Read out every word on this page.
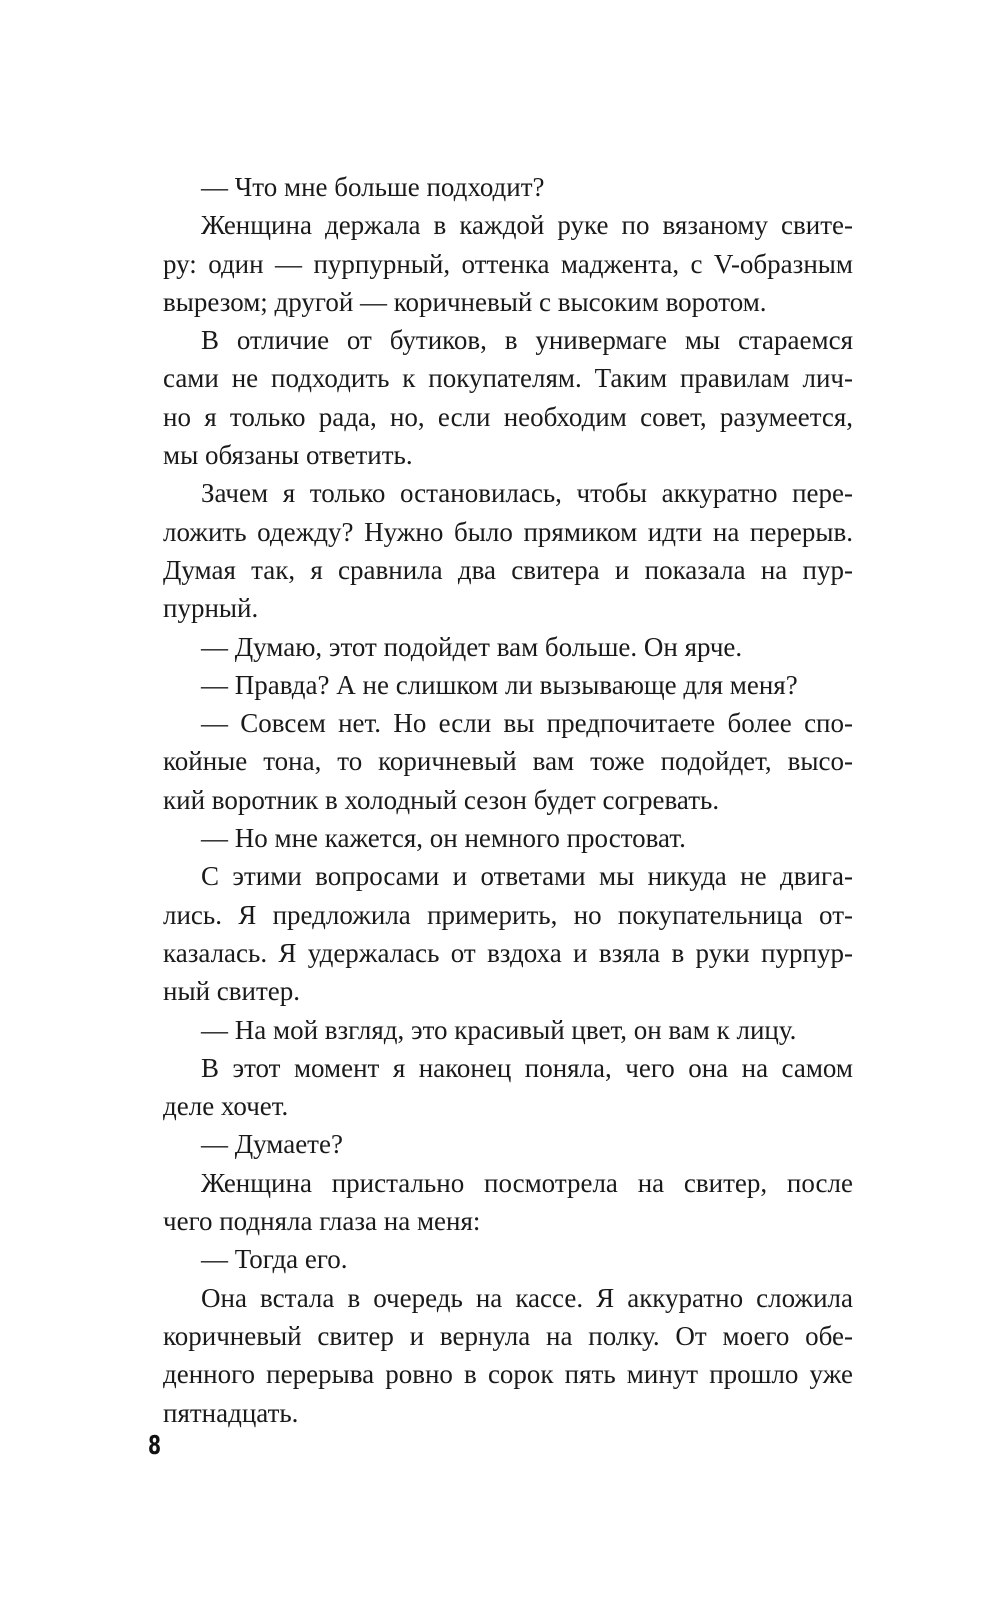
— Что мне больше подходит?
Женщина держала в каждой руке по вязаному свите-
ру: один — пурпурный, оттенка маджента, с V-образным
вырезом; другой — коричневый с высоким воротом.
В отличие от бутиков, в универмаге мы стараемся
сами не подходить к покупателям. Таким правилам лич-
но я только рада, но, если необходим совет, разумеется,
мы обязаны ответить.
Зачем я только остановилась, чтобы аккуратно пере-
ложить одежду? Нужно было прямиком идти на перерыв.
Думая так, я сравнила два свитера и показала на пур-
пурный.
— Думаю, этот подойдет вам больше. Он ярче.
— Правда? А не слишком ли вызывающе для меня?
— Совсем нет. Но если вы предпочитаете более спо-
койные тона, то коричневый вам тоже подойдет, высо-
кий воротник в холодный сезон будет согревать.
— Но мне кажется, он немного простоват.
С этими вопросами и ответами мы никуда не двига-
лись. Я предложила примерить, но покупательница от-
казалась. Я удержалась от вздоха и взяла в руки пурпур-
ный свитер.
— На мой взгляд, это красивый цвет, он вам к лицу.
В этот момент я наконец поняла, чего она на самом
деле хочет.
— Думаете?
Женщина пристально посмотрела на свитер, после
чего подняла глаза на меня:
— Тогда его.
Она встала в очередь на кассе. Я аккуратно сложила
коричневый свитер и вернула на полку. От моего обе-
денного перерыва ровно в сорок пять минут прошло уже
пятнадцать.
8
